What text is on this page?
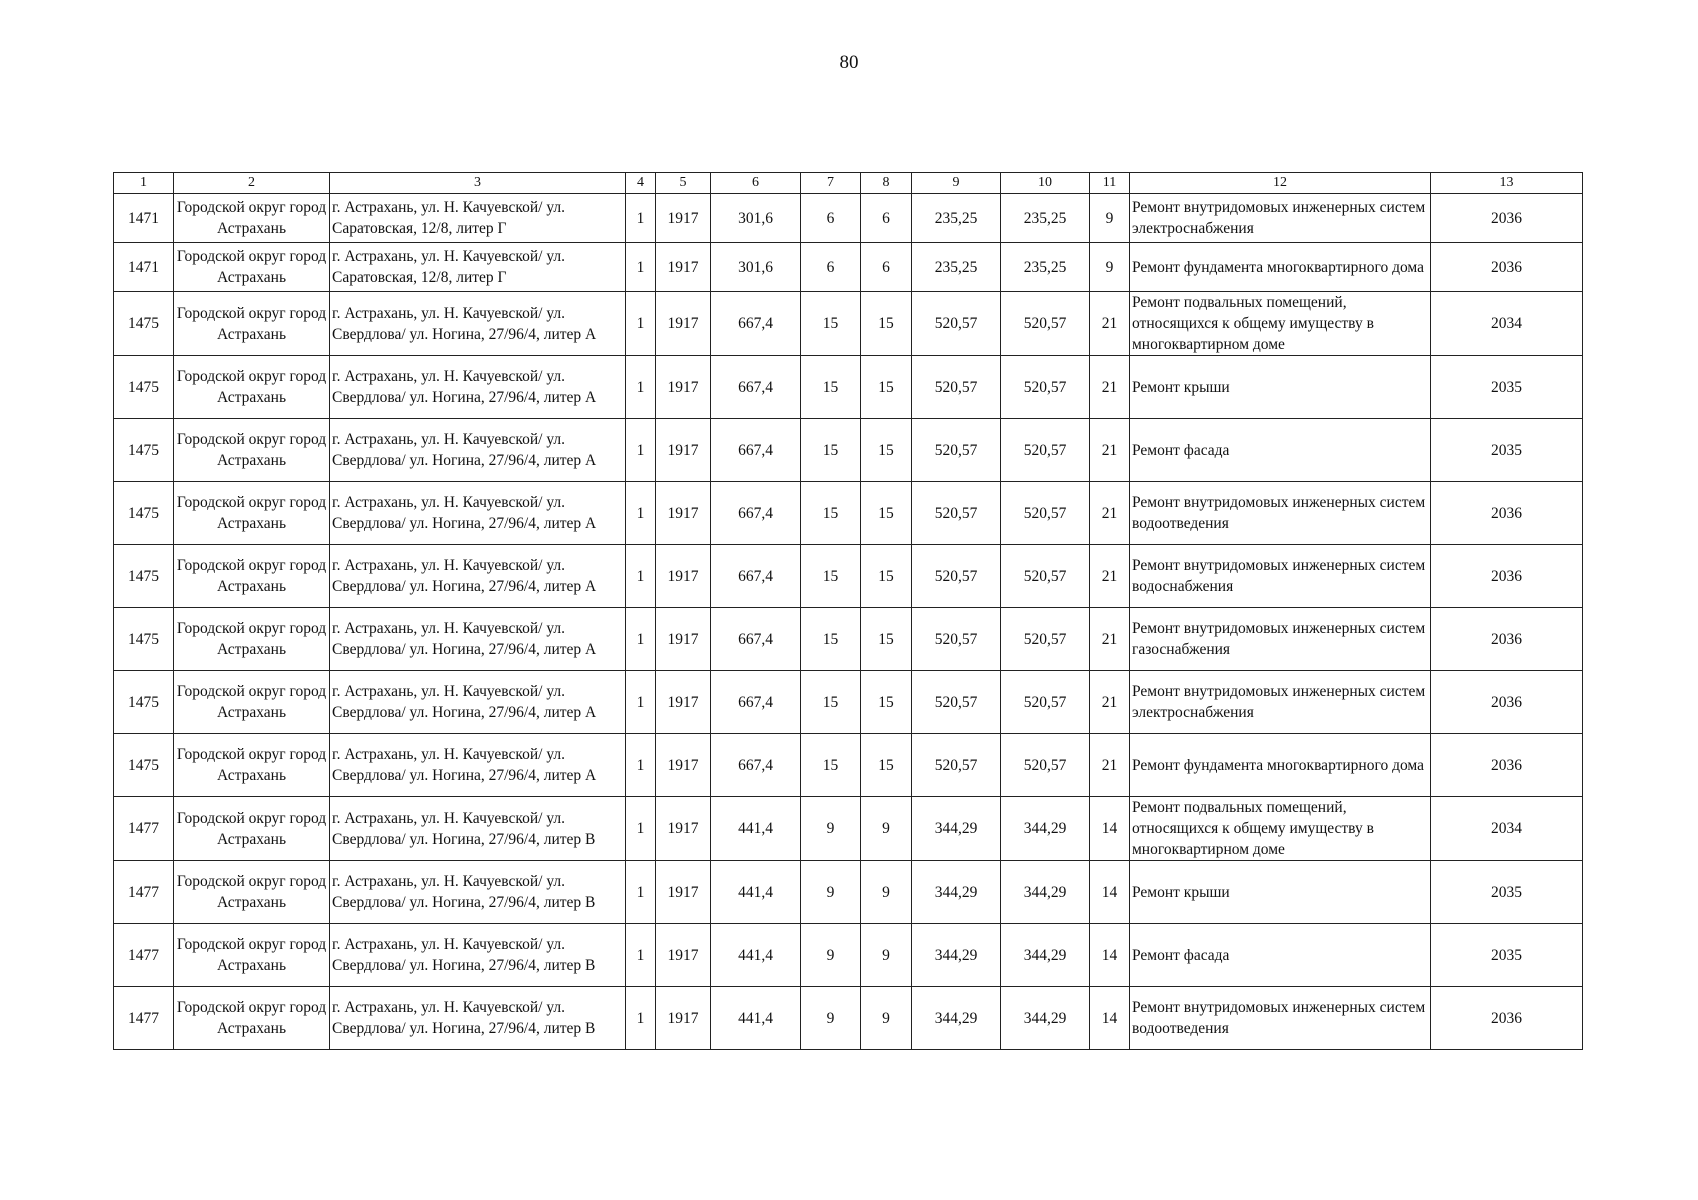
80
1	2	3	4	5	6	7	8	9	10	11	12	13
1471	Городской округ город Астрахань	г. Астрахань, ул. Н. Качуевской/ ул. Саратовская, 12/8, литер Г	1	1917	301,6	6	6	235,25	235,25	9	Ремонт внутридомовых инженерных систем электроснабжения	2036
1471	Городской округ город Астрахань	г. Астрахань, ул. Н. Качуевской/ ул. Саратовская, 12/8, литер Г	1	1917	301,6	6	6	235,25	235,25	9	Ремонт фундамента многоквартирного дома	2036
1475	Городской округ город Астрахань	г. Астрахань, ул. Н. Качуевской/ ул. Свердлова/ ул. Ногина, 27/96/4, литер А	1	1917	667,4	15	15	520,57	520,57	21	Ремонт подвальных помещений, относящихся к общему имуществу в многоквартирном доме	2034
1475	Городской округ город Астрахань	г. Астрахань, ул. Н. Качуевской/ ул. Свердлова/ ул. Ногина, 27/96/4, литер А	1	1917	667,4	15	15	520,57	520,57	21	Ремонт крыши	2035
1475	Городской округ город Астрахань	г. Астрахань, ул. Н. Качуевской/ ул. Свердлова/ ул. Ногина, 27/96/4, литер А	1	1917	667,4	15	15	520,57	520,57	21	Ремонт фасада	2035
1475	Городской округ город Астрахань	г. Астрахань, ул. Н. Качуевской/ ул. Свердлова/ ул. Ногина, 27/96/4, литер А	1	1917	667,4	15	15	520,57	520,57	21	Ремонт внутридомовых инженерных систем водоотведения	2036
1475	Городской округ город Астрахань	г. Астрахань, ул. Н. Качуевской/ ул. Свердлова/ ул. Ногина, 27/96/4, литер А	1	1917	667,4	15	15	520,57	520,57	21	Ремонт внутридомовых инженерных систем водоснабжения	2036
1475	Городской округ город Астрахань	г. Астрахань, ул. Н. Качуевской/ ул. Свердлова/ ул. Ногина, 27/96/4, литер А	1	1917	667,4	15	15	520,57	520,57	21	Ремонт внутридомовых инженерных систем газоснабжения	2036
1475	Городской округ город Астрахань	г. Астрахань, ул. Н. Качуевской/ ул. Свердлова/ ул. Ногина, 27/96/4, литер А	1	1917	667,4	15	15	520,57	520,57	21	Ремонт внутридомовых инженерных систем электроснабжения	2036
1475	Городской округ город Астрахань	г. Астрахань, ул. Н. Качуевской/ ул. Свердлова/ ул. Ногина, 27/96/4, литер А	1	1917	667,4	15	15	520,57	520,57	21	Ремонт фундамента многоквартирного дома	2036
1477	Городской округ город Астрахань	г. Астрахань, ул. Н. Качуевской/ ул. Свердлова/ ул. Ногина, 27/96/4, литер В	1	1917	441,4	9	9	344,29	344,29	14	Ремонт подвальных помещений, относящихся к общему имуществу в многоквартирном доме	2034
1477	Городской округ город Астрахань	г. Астрахань, ул. Н. Качуевской/ ул. Свердлова/ ул. Ногина, 27/96/4, литер В	1	1917	441,4	9	9	344,29	344,29	14	Ремонт крыши	2035
1477	Городской округ город Астрахань	г. Астрахань, ул. Н. Качуевской/ ул. Свердлова/ ул. Ногина, 27/96/4, литер В	1	1917	441,4	9	9	344,29	344,29	14	Ремонт фасада	2035
1477	Городской округ город Астрахань	г. Астрахань, ул. Н. Качуевской/ ул. Свердлова/ ул. Ногина, 27/96/4, литер В	1	1917	441,4	9	9	344,29	344,29	14	Ремонт внутридомовых инженерных систем водоотведения	2036
